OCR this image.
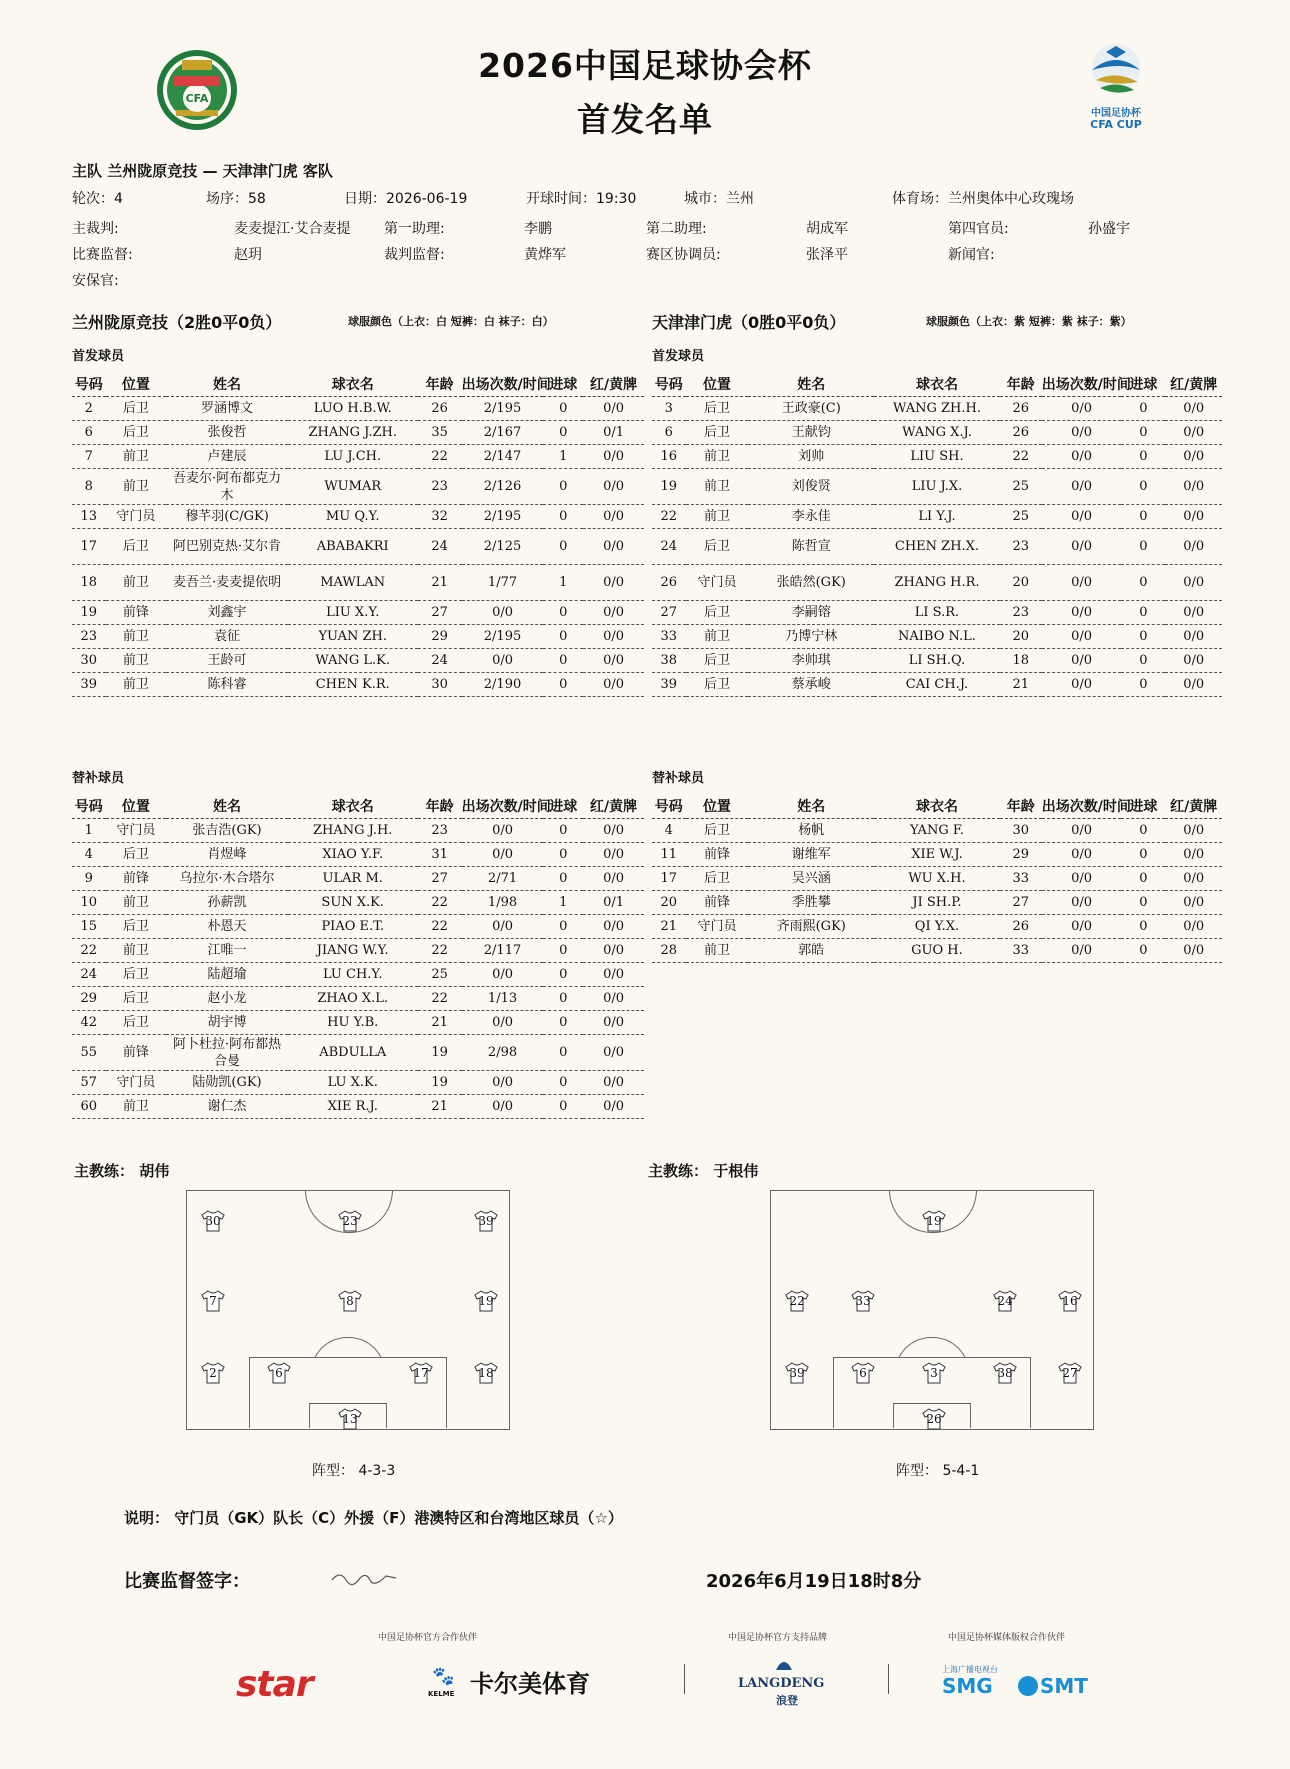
CFA
2026中国足球协会杯
首发名单	中国足协杯
CFA CUP
主队 兰州陇原竞技 — 天津津门虎 客队
轮次：4	场序：58	日期：2026-06-19	开球时间：19:30	城市：兰州	体育场：兰州奥体中心玫瑰场
主裁判:	麦麦提江·艾合麦提 第一助理:	李鹏	第二助理:	胡成军	第四官员:	孙盛宇
比赛监督:	赵玥	裁判监督:	黄烨军	赛区协调员:	张泽平	新闻官:
安保官:
兰州陇原竞技（2胜0平0负）	球服颜色（上衣：白 短裤：白 袜子：白）	天津津门虎（0胜0平0负）	球服颜色（上衣：紫 短裤：紫 袜子：紫）
首发球员	首发球员
号码	位置	姓名	球衣名	年龄	出场次数/时间	进球	红/黄牌
2	后卫	罗涵博文	LUO H.B.W.	26	2/195	0	0/0
6	后卫	张俊哲	ZHANG J.ZH.	35	2/167	0	0/1
7	前卫	卢建辰	LU J.CH.	22	2/147	1	0/0
8	前卫	吾麦尔·阿布都克力木	WUMAR	23	2/126	0	0/0
13	守门员	穆芊羽(C/GK)	MU Q.Y.	32	2/195	0	0/0
17	后卫	阿巴别克热·艾尔肯	ABABAKRI	24	2/125	0	0/0
18	前卫	麦吾兰·麦麦提依明	MAWLAN	21	1/77	1	0/0
19	前锋	刘鑫宇	LIU X.Y.	27	0/0	0	0/0
23	前卫	袁征	YUAN ZH.	29	2/195	0	0/0
30	前卫	王龄可	WANG L.K.	24	0/0	0	0/0
39	前卫	陈科睿	CHEN K.R.	30	2/190	0	0/0
号码	位置	姓名	球衣名	年龄	出场次数/时间	进球	红/黄牌
3	后卫	王政豪(C)	WANG ZH.H.	26	0/0	0	0/0
6	后卫	王献钧	WANG X.J.	26	0/0	0	0/0
16	前卫	刘帅	LIU SH.	22	0/0	0	0/0
19	前卫	刘俊贤	LIU J.X.	25	0/0	0	0/0
22	前卫	李永佳	LI Y.J.	25	0/0	0	0/0
24	后卫	陈哲宣	CHEN ZH.X.	23	0/0	0	0/0
26	守门员	张皓然(GK)	ZHANG H.R.	20	0/0	0	0/0
27	后卫	李嗣镕	LI S.R.	23	0/0	0	0/0
33	前卫	乃博宁林	NAIBO N.L.	20	0/0	0	0/0
38	后卫	李帅琪	LI SH.Q.	18	0/0	0	0/0
39	后卫	蔡承峻	CAI CH.J.	21	0/0	0	0/0
替补球员	替补球员
号码	位置	姓名	球衣名	年龄	出场次数/时间	进球	红/黄牌
1	守门员	张吉浩(GK)	ZHANG J.H.	23	0/0	0	0/0
4	后卫	肖煜峰	XIAO Y.F.	31	0/0	0	0/0
9	前锋	乌拉尔·木合塔尔	ULAR M.	27	2/71	0	0/0
10	前卫	孙薪凯	SUN X.K.	22	1/98	1	0/1
15	后卫	朴恩天	PIAO E.T.	22	0/0	0	0/0
22	前卫	江唯一	JIANG W.Y.	22	2/117	0	0/0
24	后卫	陆超瑜	LU CH.Y.	25	0/0	0	0/0
29	后卫	赵小龙	ZHAO X.L.	22	1/13	0	0/0
42	后卫	胡宇博	HU Y.B.	21	0/0	0	0/0
55	前锋	阿卜杜拉·阿布都热合曼	ABDULLA	19	2/98	0	0/0
57	守门员	陆勋凯(GK)	LU X.K.	19	0/0	0	0/0
60	前卫	谢仁杰	XIE R.J.	21	0/0	0	0/0
号码	位置	姓名	球衣名	年龄	出场次数/时间	进球	红/黄牌
4	后卫	杨帆	YANG F.	30	0/0	0	0/0
11	前锋	谢维军	XIE W.J.	29	0/0	0	0/0
17	后卫	吴兴涵	WU X.H.	33	0/0	0	0/0
20	前锋	季胜攀	JI SH.P.	27	0/0	0	0/0
21	守门员	齐雨熙(GK)	QI Y.X.	26	0/0	0	0/0
28	前卫	郭皓	GUO H.	33	0/0	0	0/0
主教练： 胡伟	主教练： 于根伟
30	23	39
7	8	19
2	6	17	18
13
19
22	33	24	16
39	6	3	38	27
26
阵型： 4-3-3	阵型： 5-4-1
说明： 守门员（GK）队长（C）外援（F）港澳特区和台湾地区球员（☆）
比赛监督签字：	2026年6月19日18时8分
中国足协杯官方合作伙伴	中国足协杯官方支持品牌	中国足协杯媒体版权合作伙伴
star	🐾
KELME 卡尔美体育	LANGDENG
浪登
上海广播电视台
SMG SMT
